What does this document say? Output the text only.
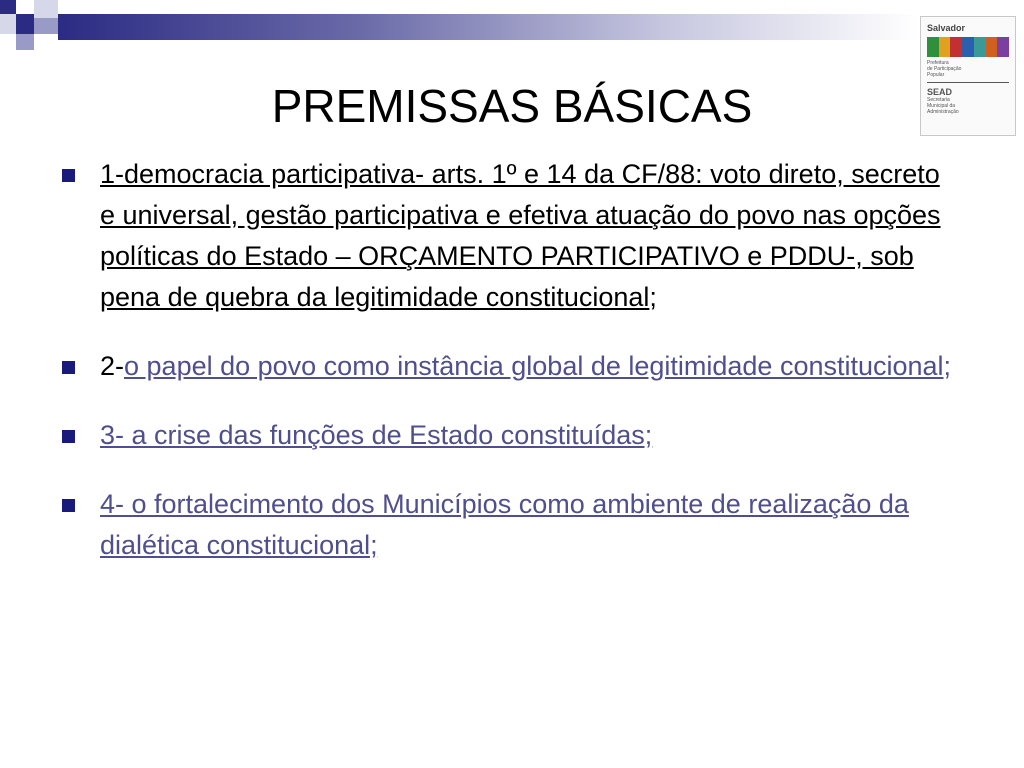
Salvador
Prefeitura
de Participação
Popular
SEAD
Secretaria
Municipal da
Administração
PREMISSAS BÁSICAS
1-democracia participativa- arts. 1º e 14 da CF/88: voto direto, secreto e universal, gestão participativa e efetiva atuação do povo nas opções políticas do Estado – ORÇAMENTO PARTICIPATIVO e PDDU-, sob pena de quebra da legitimidade constitucional;
2-o papel do povo como instância global de legitimidade constitucional;
3- a crise das funções de Estado constituídas;
4- o fortalecimento dos Municípios como ambiente de realização da dialética constitucional;
